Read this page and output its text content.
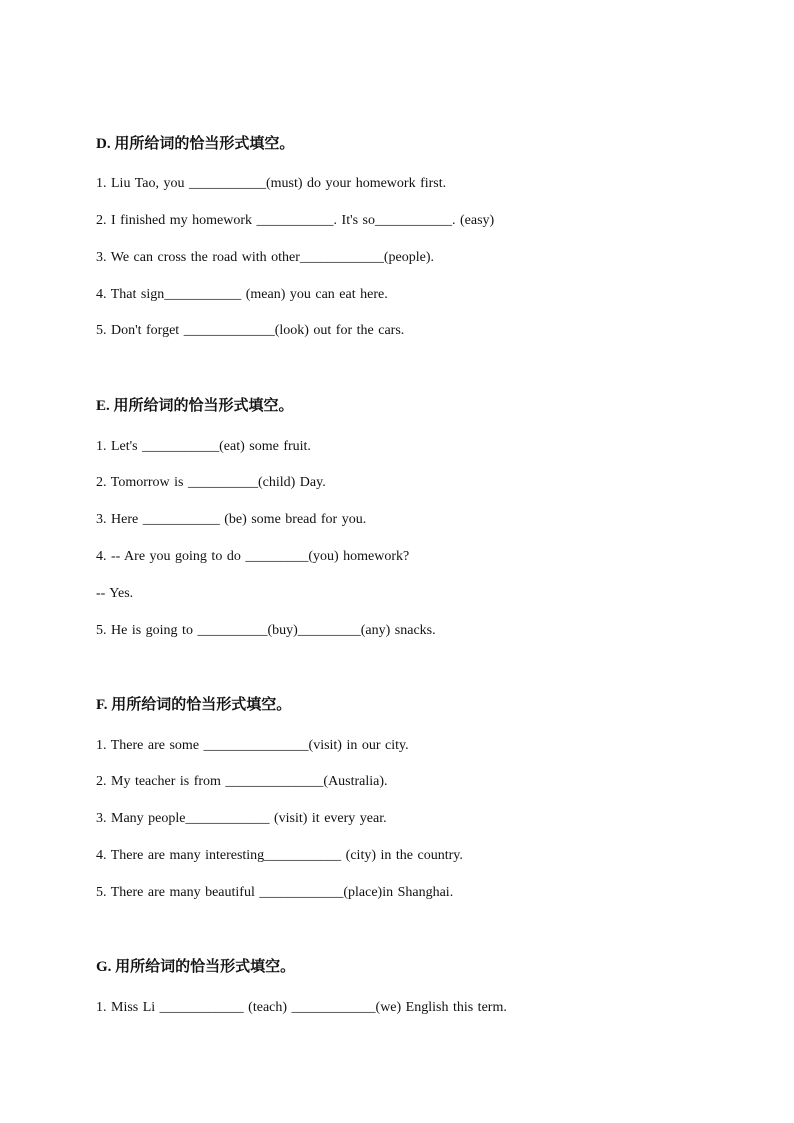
D. 用所给词的恰当形式填空。
1. Liu Tao, you ___________(must) do your homework first.
2. I finished my homework ___________. It's so___________. (easy)
3. We can cross the road with other____________(people).
4. That sign___________ (mean) you can eat here.
5. Don't forget _____________(look) out for the cars.
E. 用所给词的恰当形式填空。
1. Let's ___________(eat) some fruit.
2. Tomorrow is __________(child) Day.
3. Here ___________ (be) some bread for you.
4. -- Are you going to do _________(you) homework?
-- Yes.
5. He is going to __________(buy)_________(any) snacks.
F. 用所给词的恰当形式填空。
1. There are some _______________(visit) in our city.
2. My teacher is from ______________(Australia).
3. Many people____________ (visit) it every year.
4. There are many interesting___________ (city) in the country.
5. There are many beautiful ____________(place)in Shanghai.
G. 用所给词的恰当形式填空。
1. Miss Li ____________ (teach) ____________(we) English this term.
